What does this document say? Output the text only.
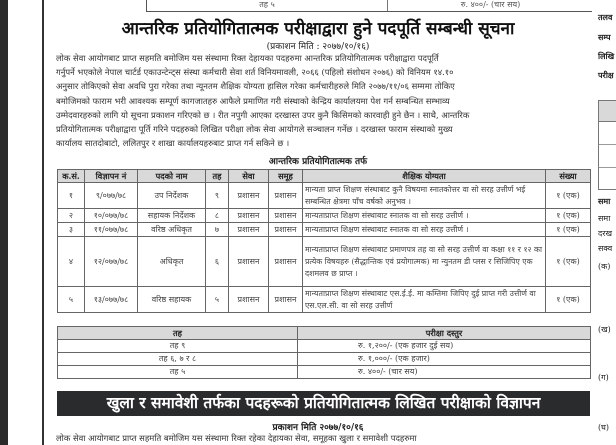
तह ५	रु. ४००/- (चार सय)
आन्तरिक प्रतियोगितात्मक परीक्षाद्वारा हुने पदपूर्ति सम्बन्धी सूचना
(प्रकाशन मिति : २०७७/१०/१६)
लोक सेवा आयोगबाट प्राप्त सहमति बमोजिम यस संस्थामा रिक्त देहायका पदहरुमा आन्तरिक प्रतियोगितात्मक परीक्षाद्वारा पदपूर्ति
गर्नुपर्ने भएकोले नेपाल चार्टर्ड एकाउन्टेन्ट्स संस्था कर्मचारी सेवा शर्त विनियमावली, २०६६ (पहिलो संशोधन २०७६) को विनियम १४.१०
अनुसार तोकिएको सेवा अवधि पुरा गरेका तथा न्यूनतम शैक्षिक योग्यता हासिल गरेका कर्मचारीहरुले मिति २०७७/११/०६ सम्ममा तोकिए
बमोजिमको फाराम भरी आवश्यक सम्पूर्ण कागजातहरु आफैले प्रमाणित गरी संस्थाको केन्द्रिय कार्यालयमा पेश गर्न सम्बन्धित सम्भाव्य
उम्मेदवारहरुको लागि यो सूचना प्रकाशन गरिएको छ । रीत नपुगी आएका दरखास्त उपर कुनै किसिमको कारवाही हुने छैन । साथै, आन्तरिक
प्रतियोगितात्मक परीक्षाद्वारा पूर्ति गरिने पदहरुको लिखित परीक्षा लोक सेवा आयोगले सञ्चालन गर्नेछ । दरखास्त फाराम संस्थाको मुख्य
कार्यालय सातदोबाटो, ललितपुर र शाखा कार्यालयहरुबाट प्राप्त गर्न सकिने छ ।
आन्तरिक प्रतियोगितात्मक तर्फ
क.सं.	विज्ञापन नं	पदको नाम	तह	सेवा	समूह	शैक्षिक योग्यता	संख्या
१	९/०७७/७८	उप निर्देशक	९	प्रशासन	प्रशासन	मान्यता प्राप्त शिक्षण संस्थाबाट कुनै विषयमा स्नातकोत्तर वा सो सरह उत्तीर्ण भई सम्बन्धित क्षेत्रमा पाँच वर्षको अनुभव ।	१ (एक)
२	१०/०७७/७८	सहायक निर्देशक	८	प्रशासन	प्रशासन	मान्यताप्राप्त शिक्षण संस्थाबाट स्नातक वा सो सरह उत्तीर्ण ।	१ (एक)
३	११/०७७/७८	वरिष्ठ अधिकृत	७	प्रशासन	प्रशासन	मान्यताप्राप्त शिक्षण संस्थाबाट स्नातक वा सो सरह उत्तीर्ण ।	१ (एक)
४	१२/०७७/७८	अधिकृत	६	प्रशासन	प्रशासन	मान्यताप्राप्त शिक्षण संस्थाबाट प्रमाणपत्र तह वा सो सरह उत्तीर्ण वा कक्षा ११ र १२ का प्रत्येक विषयहरु (सैद्धान्तिक एवं प्रयोगात्मक) मा न्युनतम डी प्लस र सिजिपिए एक दशमलव छ प्राप्त ।	१ (एक)
५	१३/०७७/७८	वरिष्ठ सहायक	५	प्रशासन	प्रशासन	मान्यताप्राप्त शिक्षण संस्थाबाट एस.ई.ई. मा कम्तिमा जिपिए दुई प्राप्त गरी उत्तीर्ण वा एस.एल.सी. वा सो सरह उत्तीर्ण	१ (एक)
तह	परीक्षा दस्तुर
तह ९	रु. १,२००/- (एक हजार दुई सय)
तह ६, ७ र ८	रु. १,०००/- (एक हजार)
तह ५	रु. ४००/- (चार सय)
खुला र समावेशी तर्फका पदहरूको प्रतियोगितात्मक लिखित परीक्षाको विज्ञापन
प्रकाशन मिति २०७७/१०/१६
लोक सेवा आयोगबाट प्राप्त सहमति बमोजिम यस संस्थामा रिक्त रहेका देहायका सेवा, समूहका खुला र समावेशी पदहरुमा
तलव
सम्प
लिखि
परीक्ष
समा
समा
दरख
सक्व
(क)
(ख)
(ग)
(घ)
